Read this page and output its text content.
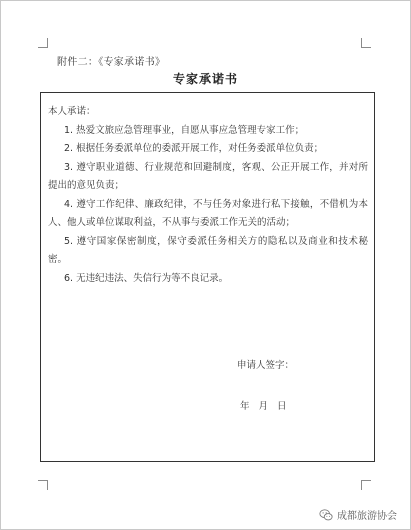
附件二：《专家承诺书》
专家承诺书

本人承诺：

1. 热爱文旅应急管理事业，自愿从事应急管理专家工作；

2. 根据任务委派单位的委派开展工作，对任务委派单位负责；

3. 遵守职业道德、行业规范和回避制度，客观、公正开展工作，并对所提出的意见负责；

4. 遵守工作纪律、廉政纪律，不与任务对象进行私下接触，不借机为本人、他人或单位谋取利益，不从事与委派工作无关的活动；

5. 遵守国家保密制度，保守委派任务相关方的隐私以及商业和技术秘密。

6. 无违纪违法、失信行为等不良记录。

申请人签字：
年 月 日
成都旅游协会
